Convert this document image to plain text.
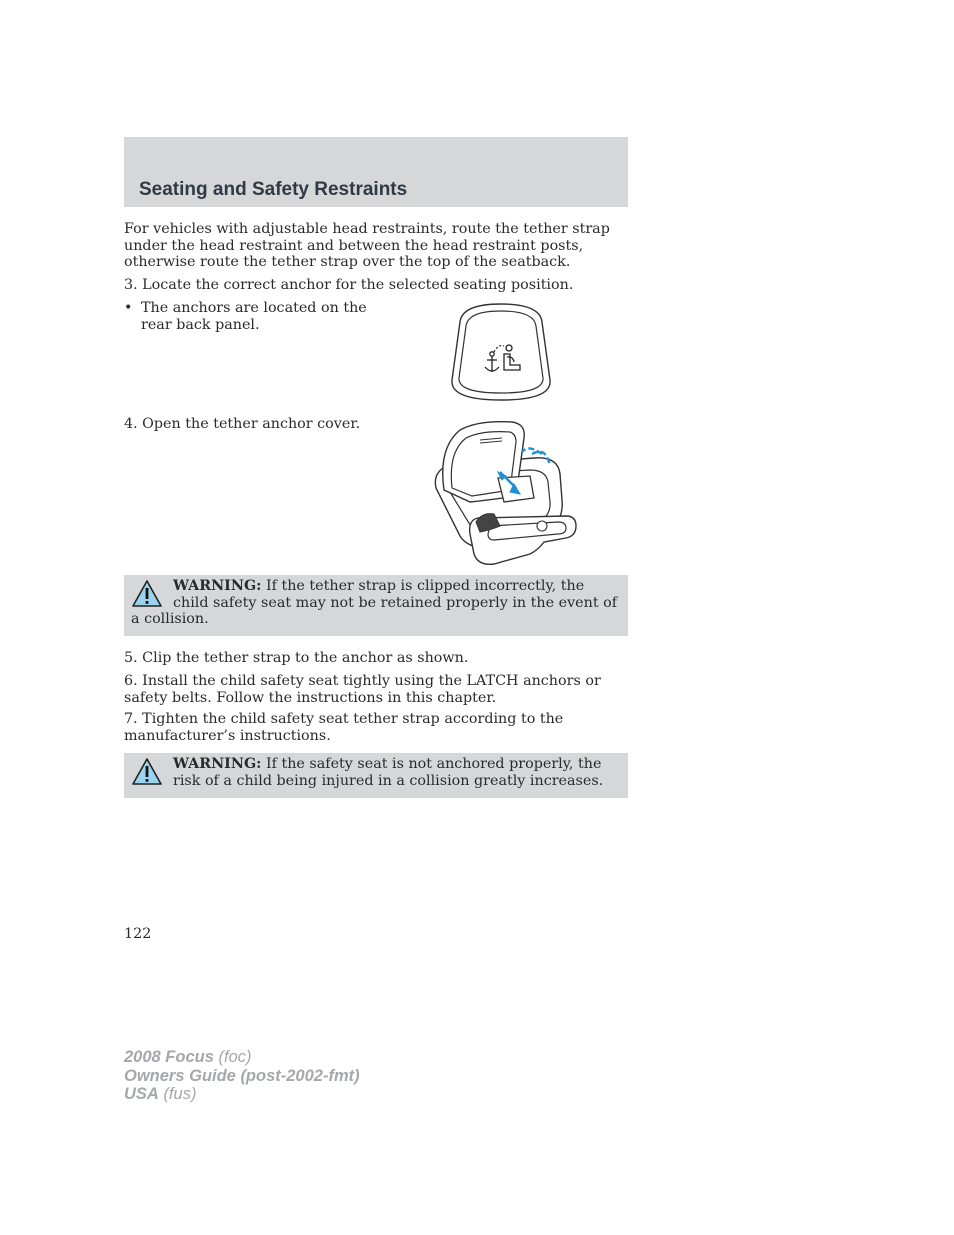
Seating and Safety Restraints

For vehicles with adjustable head restraints, route the tether strap under the head restraint and between the head restraint posts, otherwise route the tether strap over the top of the seatback.

3. Locate the correct anchor for the selected seating position.

• The anchors are located on the rear back panel.

4. Open the tether anchor cover.

WARNING: If the tether strap is clipped incorrectly, the child safety seat may not be retained properly in the event of a collision.

5. Clip the tether strap to the anchor as shown.

6. Install the child safety seat tightly using the LATCH anchors or safety belts. Follow the instructions in this chapter.

7. Tighten the child safety seat tether strap according to the manufacturer’s instructions.

WARNING: If the safety seat is not anchored properly, the risk of a child being injured in a collision greatly increases.
122
2008 Focus (foc)
Owners Guide (post-2002-fmt)
USA (fus)
